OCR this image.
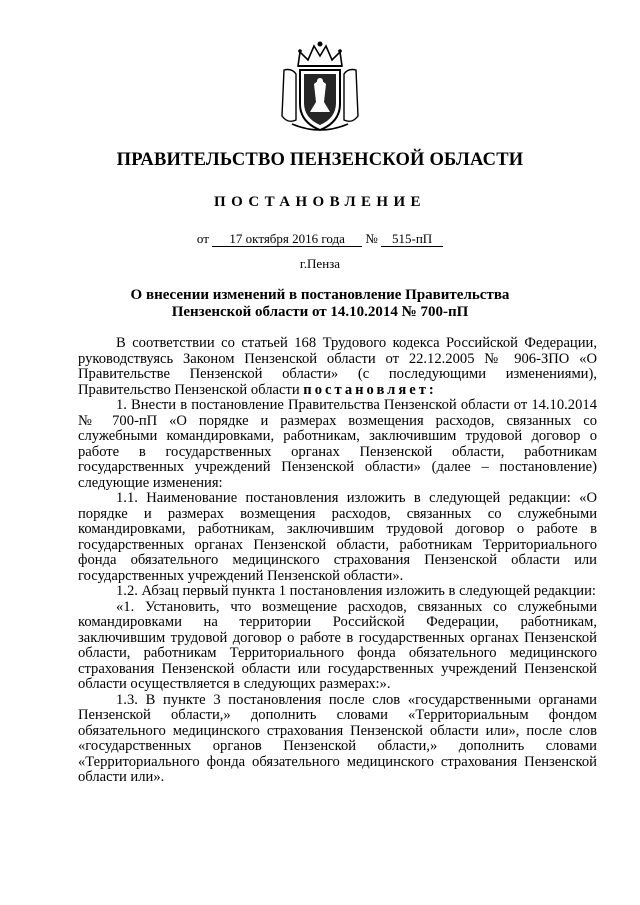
ПРАВИТЕЛЬСТВО ПЕНЗЕНСКОЙ ОБЛАСТИ
ПОСТАНОВЛЕНИЕ
от 17 октября 2016 года № 515-пП
г.Пенза
О внесении изменений в постановление Правительства
Пензенской области от 14.10.2014 № 700-пП

В соответствии со статьей 168 Трудового кодекса Российской Федерации, руководствуясь Законом Пензенской области от 22.12.2005 № 906-ЗПО «О Правительстве Пензенской области» (с последующими изменениями), Правительство Пензенской области постановляет:

1. Внести в постановление Правительства Пензенской области от 14.10.2014 № 700-пП «О порядке и размерах возмещения расходов, связанных со служебными командировками, работникам, заключившим трудовой договор о работе в государственных органах Пензенской области, работникам государственных учреждений Пензенской области» (далее – постановление) следующие изменения:

1.1. Наименование постановления изложить в следующей редакции: «О порядке и размерах возмещения расходов, связанных со служебными командировками, работникам, заключившим трудовой договор о работе в государственных органах Пензенской области, работникам Территориального фонда обязательного медицинского страхования Пензенской области или государственных учреждений Пензенской области».

1.2. Абзац первый пункта 1 постановления изложить в следующей редакции:

«1. Установить, что возмещение расходов, связанных со служебными командировками на территории Российской Федерации, работникам, заключившим трудовой договор о работе в государственных органах Пензенской области, работникам Территориального фонда обязательного медицинского страхования Пензенской области или государственных учреждений Пензенской области осуществляется в следующих размерах:».

1.3. В пункте 3 постановления после слов «государственными органами Пензенской области,» дополнить словами «Территориальным фондом обязательного медицинского страхования Пензенской области или», после слов «государственных органов Пензенской области,» дополнить словами «Территориального фонда обязательного медицинского страхования Пензенской области или».
